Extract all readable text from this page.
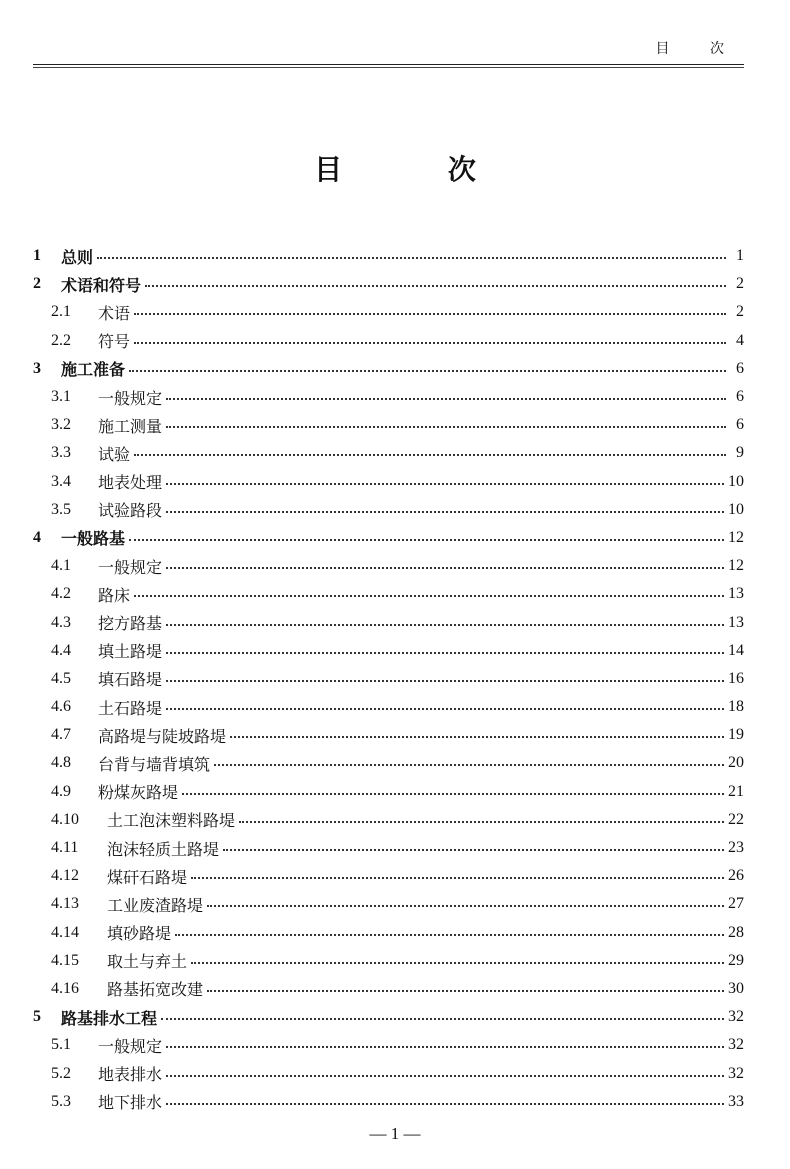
目 次
目 次
1	总则	1
2	术语和符号	2
2.1	术语	2
2.2	符号	4
3	施工准备	6
3.1	一般规定	6
3.2	施工测量	6
3.3	试验	9
3.4	地表处理	10
3.5	试验路段	10
4	一般路基	12
4.1	一般规定	12
4.2	路床	13
4.3	挖方路基	13
4.4	填土路堤	14
4.5	填石路堤	16
4.6	土石路堤	18
4.7	高路堤与陡坡路堤	19
4.8	台背与墙背填筑	20
4.9	粉煤灰路堤	21
4.10	土工泡沫塑料路堤	22
4.11	泡沫轻质土路堤	23
4.12	煤矸石路堤	26
4.13	工业废渣路堤	27
4.14	填砂路堤	28
4.15	取土与弃土	29
4.16	路基拓宽改建	30
5	路基排水工程	32
5.1	一般规定	32
5.2	地表排水	32
5.3	地下排水	33
— 1 —
